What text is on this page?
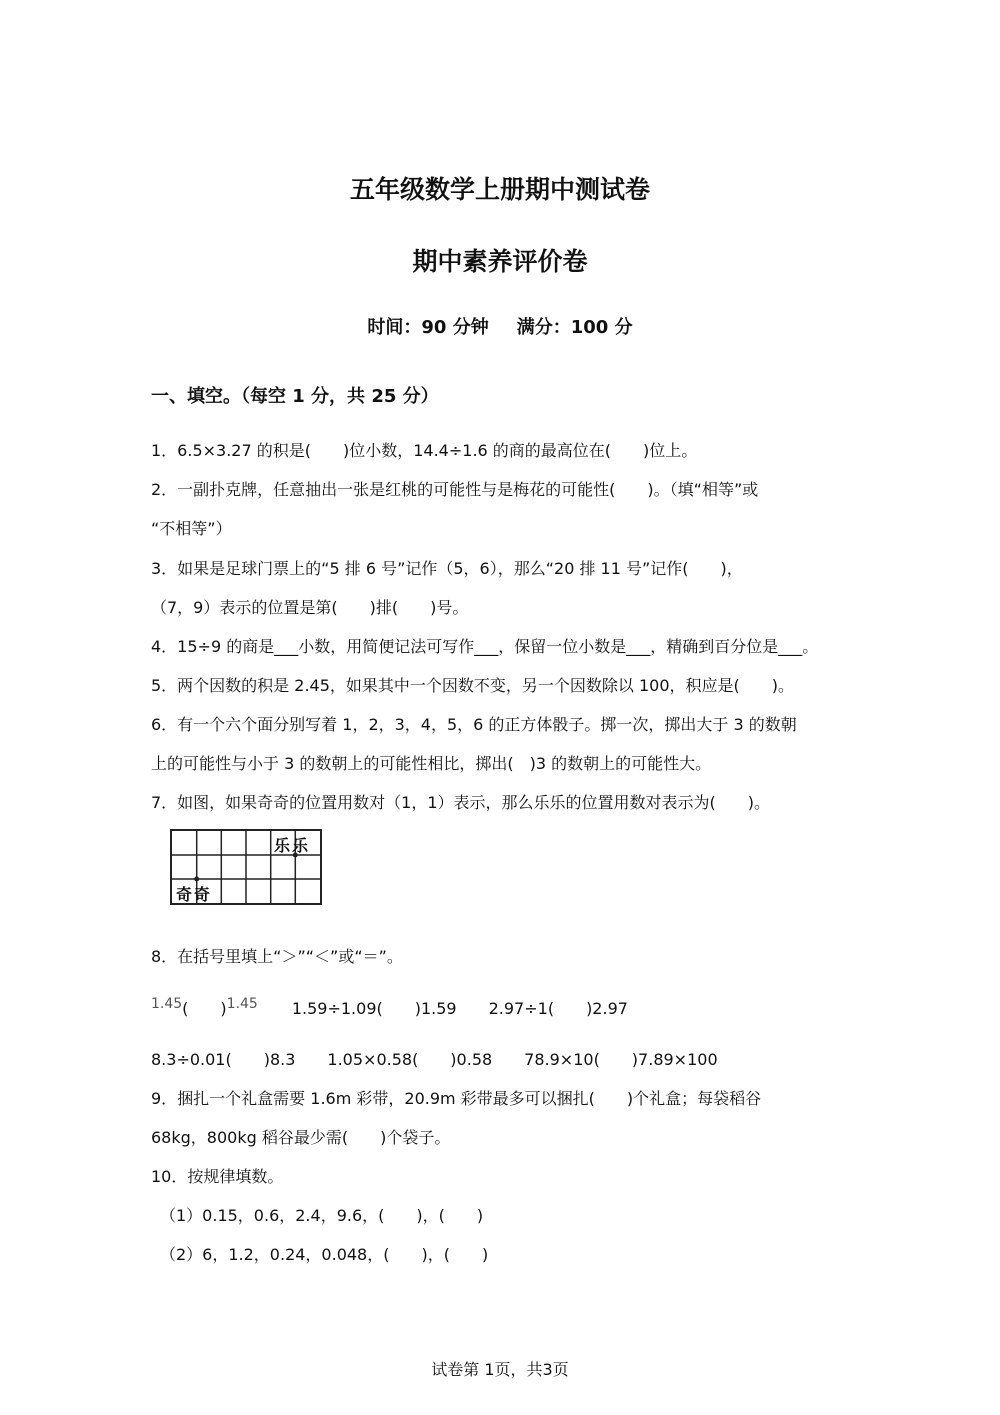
五年级数学上册期中测试卷
期中素养评价卷
时间：90 分钟 满分：100 分
一、填空。（每空 1 分，共 25 分）
1．6.5×3.27 的积是(　　)位小数，14.4÷1.6 的商的最高位在(　　)位上。
2．一副扑克牌，任意抽出一张是红桃的可能性与是梅花的可能性(　　)。（填“相等”或
“不相等”）
3．如果是足球门票上的“5 排 6 号”记作（5，6），那么“20 排 11 号”记作(　　)，
（7，9）表示的位置是第(　　)排(　　)号。
4．15÷9 的商是___小数，用简便记法可写作___，保留一位小数是___，精确到百分位是___。
5．两个因数的积是 2.45，如果其中一个因数不变，另一个因数除以 100，积应是(　　)。
6．有一个六个面分别写着 1，2，3，4，5，6 的正方体骰子。掷一次，掷出大于 3 的数朝
上的可能性与小于 3 的数朝上的可能性相比，掷出(　)3 的数朝上的可能性大。
7．如图，如果奇奇的位置用数对（1，1）表示，那么乐乐的位置用数对表示为(　　)。
乐乐
奇奇
8．在括号里填上“＞”“＜”或“＝”。
1.45(　　)1.45 1.59÷1.09(　　)1.59　　2.97÷1(　　)2.97
8.3÷0.01(　　)8.3　　1.05×0.58(　　)0.58　　78.9×10(　　)7.89×100
9．捆扎一个礼盒需要 1.6m 彩带，20.9m 彩带最多可以捆扎(　　)个礼盒；每袋稻谷
68kg，800kg 稻谷最少需(　　)个袋子。
10．按规律填数。
（1）0.15，0.6，2.4，9.6，(　　)，(　　)
（2）6，1.2，0.24，0.048，(　　)，(　　)
试卷第 1页，共3页
